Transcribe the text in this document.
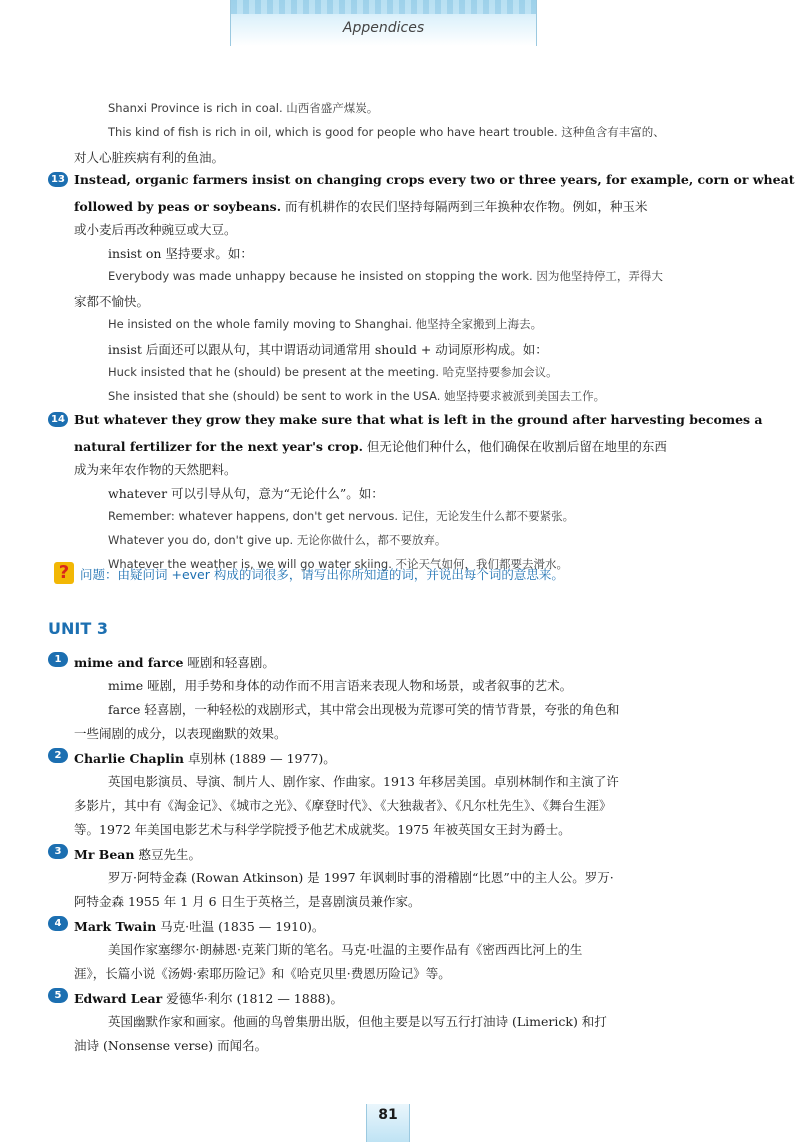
Appendices
Shanxi Province is rich in coal. 山西省盛产煤炭。
This kind of fish is rich in oil, which is good for people who have heart trouble. 这种鱼含有丰富的、
对人心脏疾病有利的鱼油。
13 Instead, organic farmers insist on changing crops every two or three years, for example, corn or wheat
followed by peas or soybeans. 而有机耕作的农民们坚持每隔两到三年换种农作物。例如，种玉米
或小麦后再改种豌豆或大豆。
insist on 坚持要求。如：
Everybody was made unhappy because he insisted on stopping the work. 因为他坚持停工，弄得大
家都不愉快。
He insisted on the whole family moving to Shanghai. 他坚持全家搬到上海去。
insist 后面还可以跟从句，其中谓语动词通常用 should + 动词原形构成。如：
Huck insisted that he (should) be present at the meeting. 哈克坚持要参加会议。
She insisted that she (should) be sent to work in the USA. 她坚持要求被派到美国去工作。
14 But whatever they grow they make sure that what is left in the ground after harvesting becomes a
natural fertilizer for the next year's crop. 但无论他们种什么，他们确保在收割后留在地里的东西
成为来年农作物的天然肥料。
whatever 可以引导从句，意为“无论什么”。如：
Remember: whatever happens, don't get nervous. 记住，无论发生什么都不要紧张。
Whatever you do, don't give up. 无论你做什么，都不要放弃。
Whatever the weather is, we will go water skiing. 不论天气如何，我们都要去滑水。
? 问题：由疑问词 +ever 构成的词很多，请写出你所知道的词，并说出每个词的意思来。
UNIT 3
1	mime and farce 哑剧和轻喜剧。
mime 哑剧，用手势和身体的动作而不用言语来表现人物和场景，或者叙事的艺术。
farce 轻喜剧，一种轻松的戏剧形式，其中常会出现极为荒谬可笑的情节背景，夸张的角色和
一些闹剧的成分，以表现幽默的效果。
2	Charlie Chaplin 卓别林 (1889 — 1977)。
英国电影演员、导演、制片人、剧作家、作曲家。1913 年移居美国。卓别林制作和主演了许
多影片，其中有《淘金记》、《城市之光》、《摩登时代》、《大独裁者》、《凡尔杜先生》、《舞台生涯》
等。1972 年美国电影艺术与科学学院授予他艺术成就奖。1975 年被英国女王封为爵士。
3	Mr Bean 憨豆先生。
罗万·阿特金森 (Rowan Atkinson) 是 1997 年讽刺时事的滑稽剧“比恩”中的主人公。罗万·
阿特金森 1955 年 1 月 6 日生于英格兰，是喜剧演员兼作家。
4	Mark Twain 马克·吐温 (1835 — 1910)。
美国作家塞缪尔·朗赫恩·克莱门斯的笔名。马克·吐温的主要作品有《密西西比河上的生
涯》，长篇小说《汤姆·索耶历险记》和《哈克贝里·费恩历险记》等。
5	Edward Lear 爱德华·利尔 (1812 — 1888)。
英国幽默作家和画家。他画的鸟曾集册出版，但他主要是以写五行打油诗 (Limerick) 和打
油诗 (Nonsense verse) 而闻名。
81
